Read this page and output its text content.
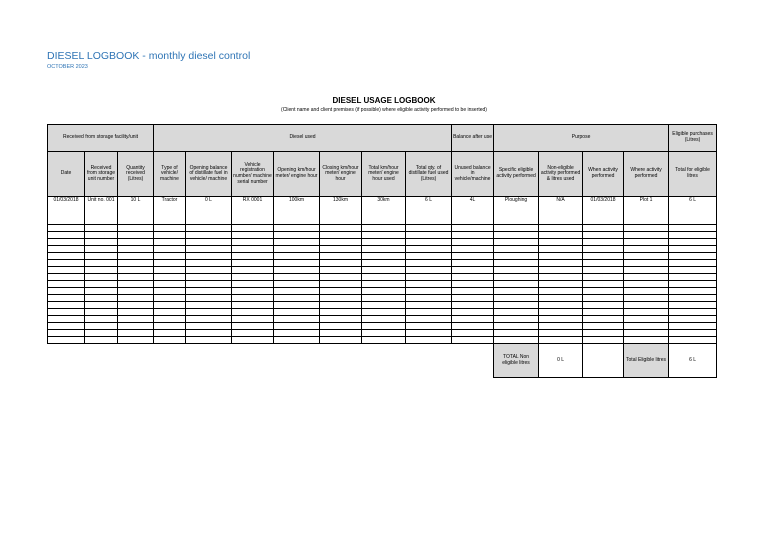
DIESEL LOGBOOK - monthly diesel control
OCTOBER 2023
DIESEL USAGE LOGBOOK
(Client name and client premises (if possible) where eligible activity performed to be inserted)
Received from storage facility/unit			Diesel used							Balance after use	Purpose				Eligible purchases (Litres)
Date	Received from storage unit number	Quantity received (Litres)	Type of vehicle/ machine	Opening balance of distillate fuel in vehicle/ machine	Vehicle registration number/ machine serial number	Opening km/hour meter/ engine hour	Closing km/hour meter/ engine hour	Total km/hour meter/ engine hour used	Total qty. of distillate fuel used (Litres)	Unused balance in vehicle/machine	Specific eligible activity performed	Non-eligible activity performed & litres used	When activity performed	Where activity performed	Total for eligible litres
01/03/2018	Unit no. 001	10 L	Tractor	0 L	RX 0001	100km	130km	30km	6 L	4L	Ploughing	N/A	01/03/2018	Plot 1	6 L

											TOTAL Non eligible litres	0 L		Total Eligible litres	6 L
